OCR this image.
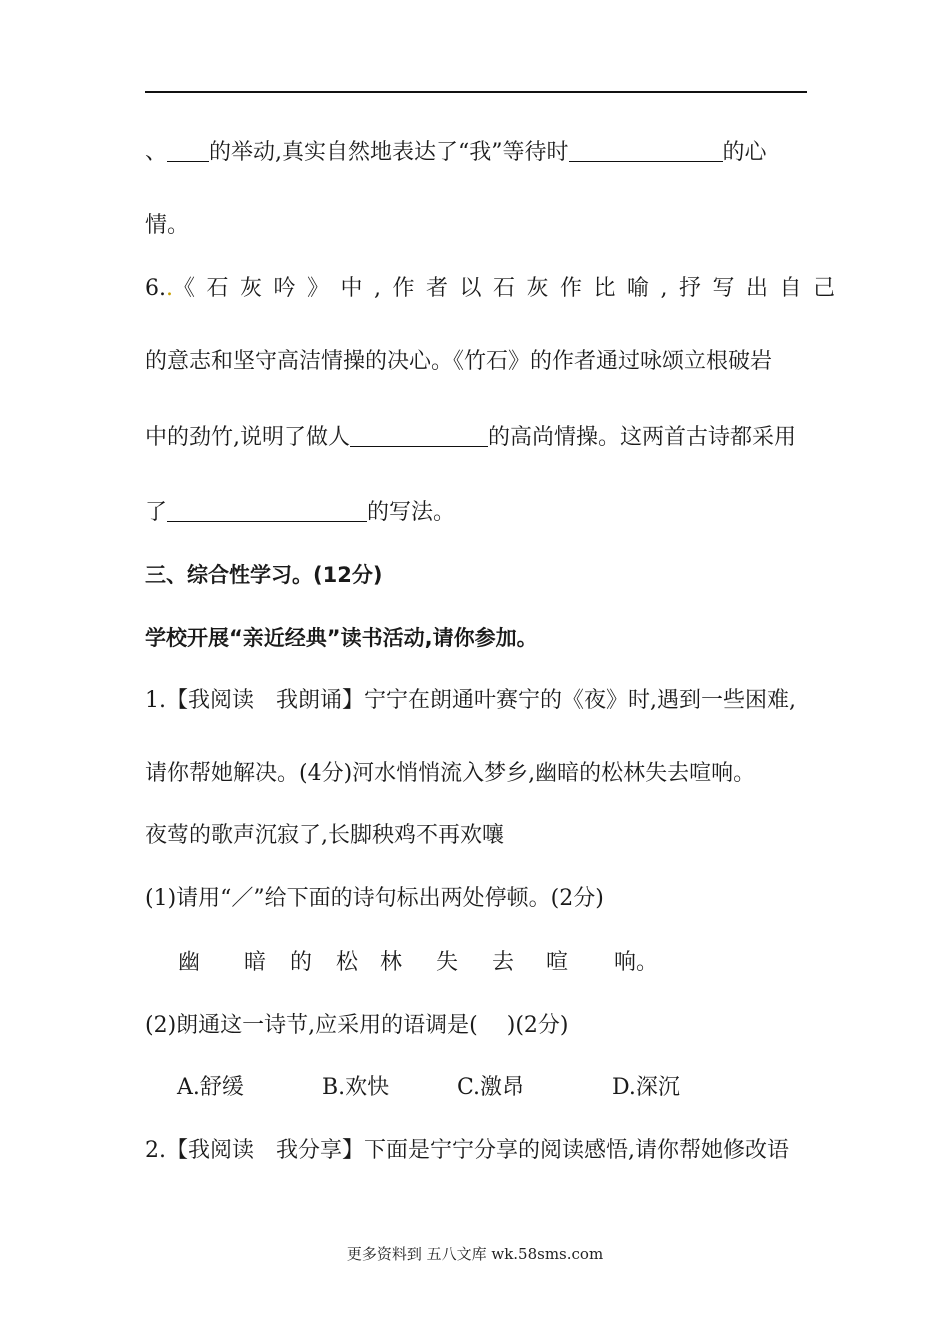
、 的举动,真实自然地表达了“我”等待时	的心
情。
6..《石灰吟》中,作者以石灰作比喻,抒写出自己
的意志和坚守高洁情操的决心。《竹石》的作者通过咏颂立根破岩
中的劲竹,说明了做人	的高尚情操。这两首古诗都采用
了	的写法。
三、综合性学习。(12分)
学校开展“亲近经典”读书活动,请你参加。
1.【我阅读　我朗诵】宁宁在朗通叶赛宁的《夜》时,遇到一些困难,
请你帮她解决。(4分)河水悄悄流入梦乡,幽暗的松林失去喧响。
夜莺的歌声沉寂了,长脚秧鸡不再欢嚷
(1)请用“／”给下面的诗句标出两处停顿。(2分)
幽 暗 的 松 林 失 去 喧 响。
(2)朗通这一诗节,应采用的语调是(　 )(2分)
A.舒缓	B.欢快	C.激昂	D.深沉
2.【我阅读　我分享】下面是宁宁分享的阅读感悟,请你帮她修改语
更多资料到 五八文库 wk.58sms.com
